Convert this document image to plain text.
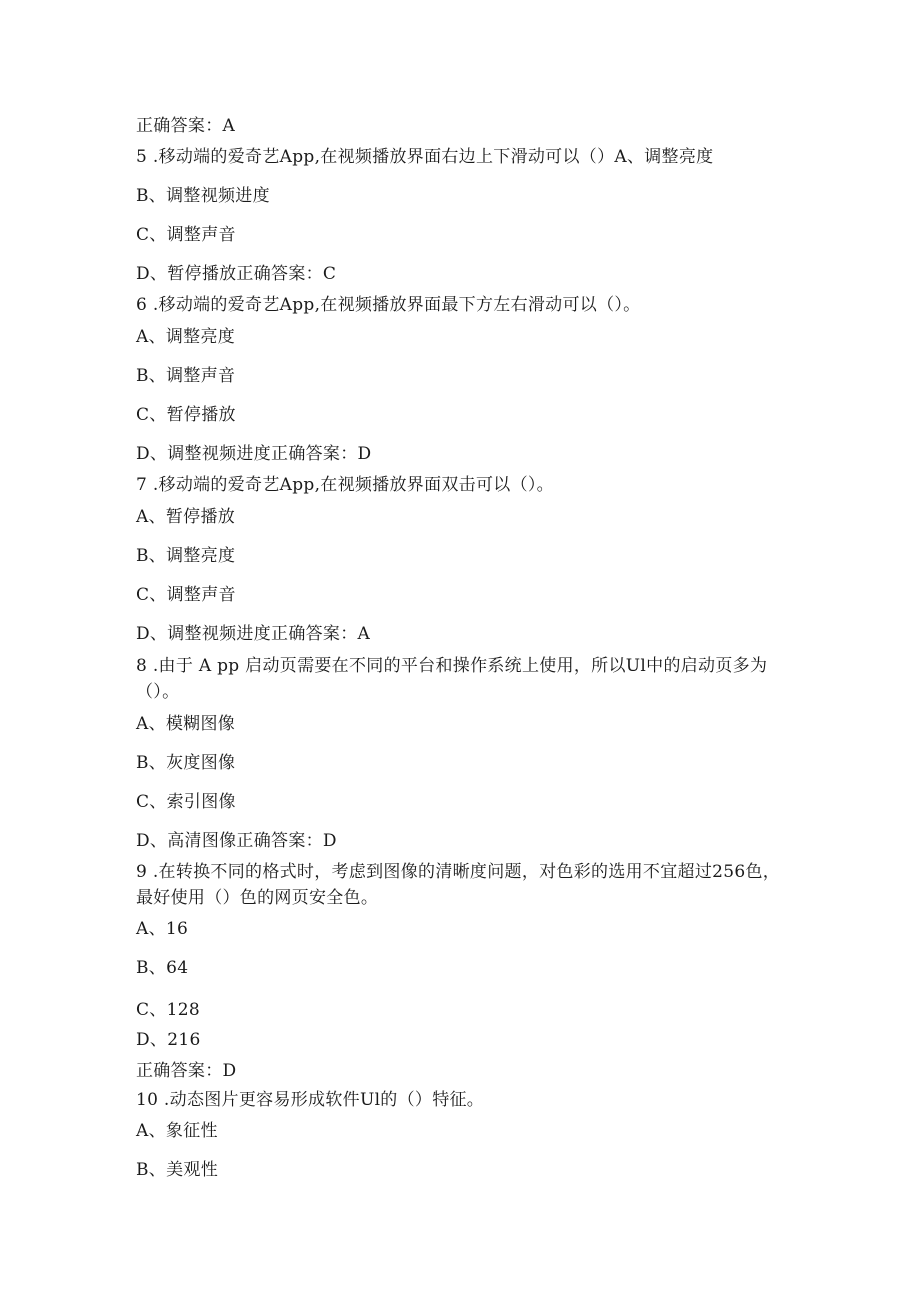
正确答案：A
5 .移动端的爱奇艺App,在视频播放界面右边上下滑动可以（）A、调整亮度
B、调整视频进度
C、调整声音
D、暂停播放正确答案：C
6 .移动端的爱奇艺App,在视频播放界面最下方左右滑动可以（）。
A、调整亮度
B、调整声音
C、暂停播放
D、调整视频进度正确答案：D
7 .移动端的爱奇艺App,在视频播放界面双击可以（）。
A、暂停播放
B、调整亮度
C、调整声音
D、调整视频进度正确答案：A
8 .由于 A pp 启动页需要在不同的平台和操作系统上使用，所以Ul中的启动页多为（）。
A、模糊图像
B、灰度图像
C、索引图像
D、高清图像正确答案：D
9 .在转换不同的格式时，考虑到图像的清晰度问题，对色彩的选用不宜超过256色，最好使用（）色的网页安全色。
A、16
B、64
C、128
D、216
正确答案：D
10 .动态图片更容易形成软件Ul的（）特征。
A、象征性
B、美观性
